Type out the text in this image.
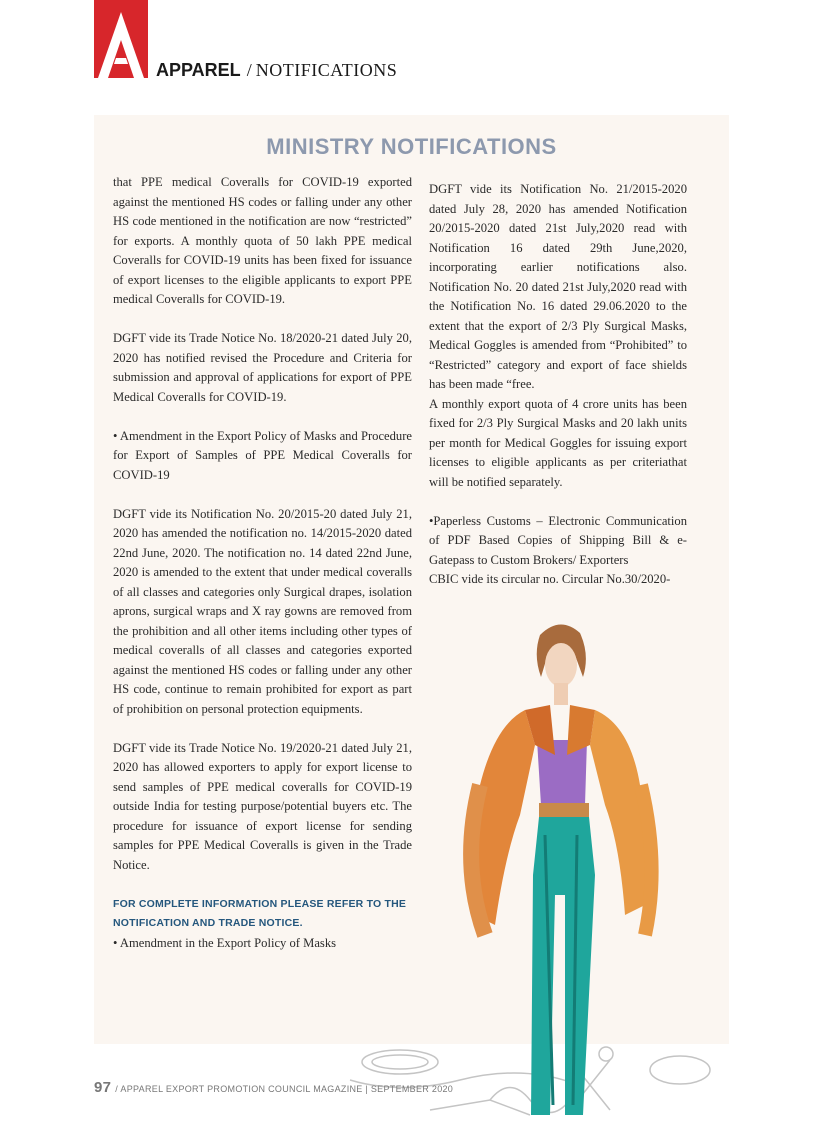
APPAREL / NOTIFICATIONS
MINISTRY NOTIFICATIONS

that PPE medical Coveralls for COVID-19 exported against the mentioned HS codes or falling under any other HS code mentioned in the notification are now “restricted” for exports. A monthly quota of 50 lakh PPE medical Coveralls for COVID-19 units has been fixed for issuance of export licenses to the eligible applicants to export PPE medical Coveralls for COVID-19.

DGFT vide its Trade Notice No. 18/2020-21 dated July 20, 2020 has notified revised the Procedure and Criteria for submission and approval of applications for export of PPE Medical Coveralls for COVID-19.

• Amendment in the Export Policy of Masks and Procedure for Export of Samples of PPE Medical Coveralls for COVID-19

DGFT vide its Notification No. 20/2015-20 dated July 21, 2020 has amended the notification no. 14/2015-2020 dated 22nd June, 2020. The notification no. 14 dated 22nd June, 2020 is amended to the extent that under medical coveralls of all classes and categories only Surgical drapes, isolation aprons, surgical wraps and X ray gowns are removed from the prohibition and all other items including other types of medical coveralls of all classes and categories exported against the mentioned HS codes or falling under any other HS code, continue to remain prohibited for export as part of prohibition on personal protection equipments.

DGFT vide its Trade Notice No. 19/2020-21 dated July 21, 2020 has allowed exporters to apply for export license to send samples of PPE medical coveralls for COVID-19 outside India for testing purpose/potential buyers etc. The procedure for issuance of export license for sending samples for PPE Medical Coveralls is given in the Trade Notice.

FOR COMPLETE INFORMATION PLEASE REFER TO THE
NOTIFICATION AND TRADE NOTICE.

• Amendment in the Export Policy of Masks

DGFT vide its Notification No. 21/2015-2020 dated July 28, 2020 has amended Notification 20/2015-2020 dated 21st July,2020 read with Notification 16 dated 29th June,2020, incorporating earlier notifications also. Notification No. 20 dated 21st July,2020 read with the Notification No. 16 dated 29.06.2020 to the extent that the export of 2/3 Ply Surgical Masks, Medical Goggles is amended from “Prohibited” to “Restricted” category and export of face shields has been made “free.

A monthly export quota of 4 crore units has been fixed for 2/3 Ply Surgical Masks and 20 lakh units per month for Medical Goggles for issuing export licenses to eligible applicants as per criteriathat will be notified separately.

•Paperless Customs – Electronic Communication of PDF Based Copies of Shipping Bill & e-Gatepass to Custom Brokers/ Exporters

CBIC vide its circular no. Circular No.30/2020-

97 / APPAREL EXPORT PROMOTION COUNCIL MAGAZINE | SEPTEMBER 2020
